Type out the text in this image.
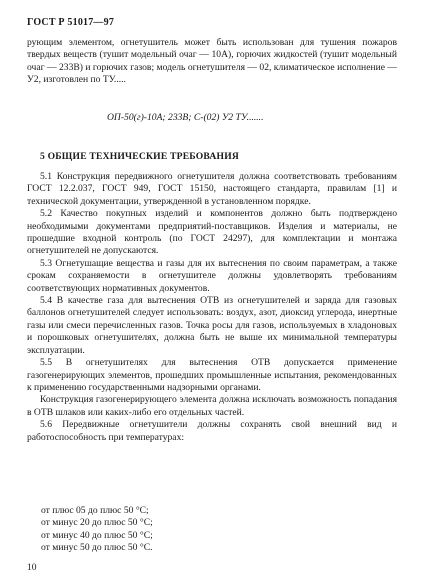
ГОСТ Р 51017—97

рующим элементом, огнетушитель может быть использован для тушения пожаров твердых веществ (тушит модельный очаг — 10А), горючих жидкостей (тушит модельный очаг — 233В) и горючих газов; модель огнетушителя — 02, климатическое исполнение — У2, изготовлен по ТУ.....

ОП-50(г)-10А; 233В; С-(02) У2 ТУ.......
5 ОБЩИЕ ТЕХНИЧЕСКИЕ ТРЕБОВАНИЯ

5.1 Конструкция передвижного огнетушителя должна соответствовать требованиям ГОСТ 12.2.037, ГОСТ 949, ГОСТ 15150, настоящего стандарта, правилам [1] и технической документации, утвержденной в установленном порядке.

5.2 Качество покупных изделий и компонентов должно быть подтверждено необходимыми документами предприятий-поставщиков. Изделия и материалы, не прошедшие входной контроль (по ГОСТ 24297), для комплектации и монтажа огнетушителей не допускаются.

5.3 Огнетушащие вещества и газы для их вытеснения по своим параметрам, а также срокам сохраняемости в огнетушителе должны удовлетворять требованиям соответствующих нормативных документов.

5.4 В качестве газа для вытеснения ОТВ из огнетушителей и заряда для газовых баллонов огнетушителей следует использовать: воздух, азот, диоксид углерода, инертные газы или смеси перечисленных газов. Точка росы для газов, используемых в хладоновых и порошковых огнетушителях, должна быть не выше их минимальной температуры эксплуатации.

5.5 В огнетушителях для вытеснения ОТВ допускается применение газогенерирующих элементов, прошедших промышленные испытания, рекомендованных к применению государственными надзорными органами.

Конструкция газогенерирующего элемента должна исключать возможность попадания в ОТВ шлаков или каких-либо его отдельных частей.

5.6 Передвижные огнетушители должны сохранять свой внешний вид и работоспособность при температурах:

от плюс 05 до плюс 50 °С;
от минус 20 до плюс 50 °С;
от минус 40 до плюс 50 °С;
от минус 50 до плюс 50 °С.
10
